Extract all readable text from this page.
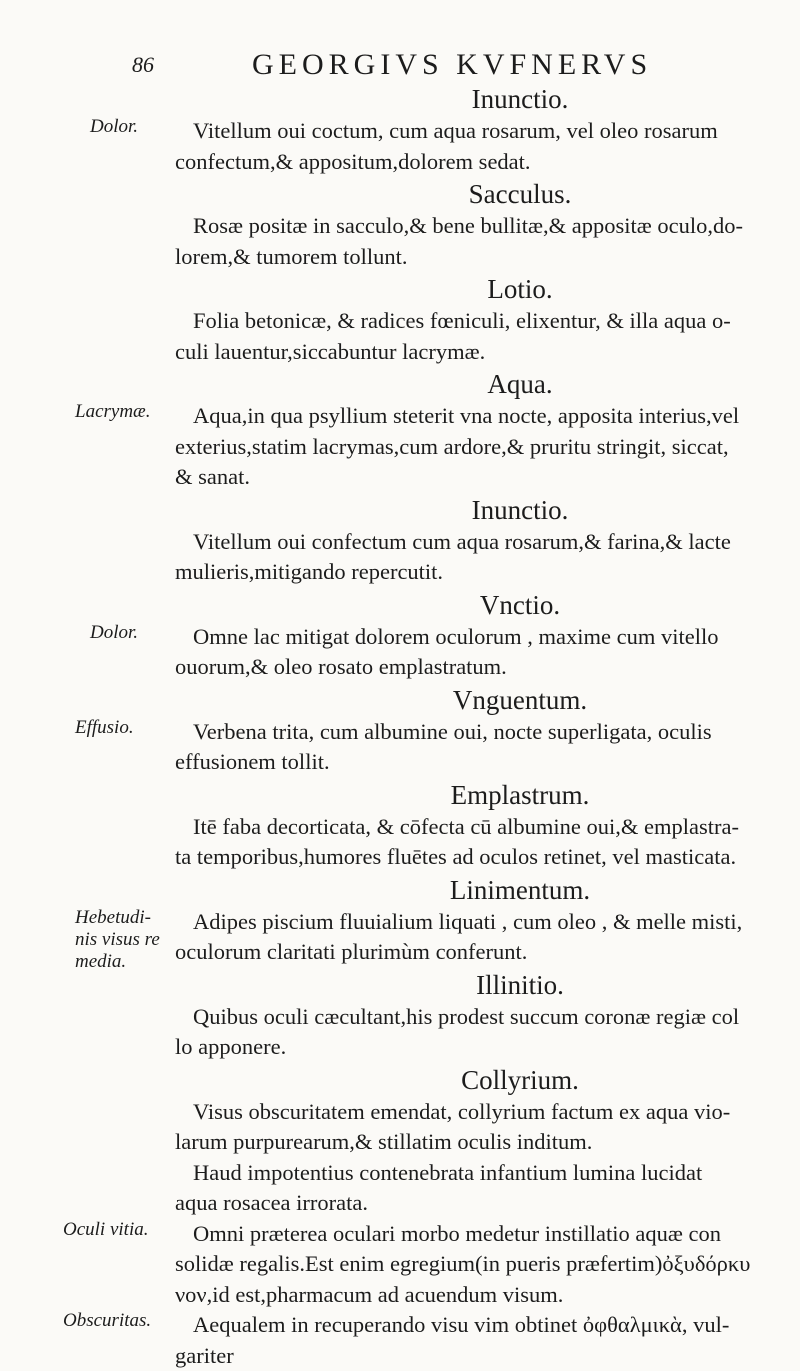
86	GEORGIVS KVFNERVS
Inunctio.
Dolor.	Vitellum oui coctum, cum aqua rosarum, vel oleo rosarum
confectum,& appositum,dolorem sedat.
Sacculus.
Rosæ positæ in sacculo,& bene bullitæ,& appositæ oculo,do-
lorem,& tumorem tollunt.
Lotio.
Folia betonicæ, & radices fœniculi, elixentur, & illa aqua o-
culi lauentur,siccabuntur lacrymæ.
Aqua.
Lacrymæ.	Aqua,in qua psyllium steterit vna nocte, apposita interius,vel
exterius,statim lacrymas,cum ardore,& pruritu stringit, siccat,
& sanat.
Inunctio.
Vitellum oui confectum cum aqua rosarum,& farina,& lacte
mulieris,mitigando repercutit.
Vnctio.
Dolor.	Omne lac mitigat dolorem oculorum , maxime cum vitello
ouorum,& oleo rosato emplastratum.
Vnguentum.
Effusio.	Verbena trita, cum albumine oui, nocte superligata, oculis
effusionem tollit.
Emplastrum.
Itē faba decorticata, & cōfecta cū albumine oui,& emplastra-
ta temporibus,humores fluētes ad oculos retinet, vel masticata.
Linimentum.
Hebetudi-
nis visus re
media.
Adipes piscium fluuialium liquati , cum oleo , & melle misti,
oculorum claritati plurimùm conferunt.
Illinitio.
Quibus oculi cæcultant,his prodest succum coronæ regiæ col
lo apponere.
Collyrium.
Visus obscuritatem emendat, collyrium factum ex aqua vio-
larum purpurearum,& stillatim oculis inditum.
Haud impotentius contenebrata infantium lumina lucidat
aqua rosacea irrorata.
Oculi vitia.	Omni præterea oculari morbo medetur instillatio aquæ con
solidæ regalis.Est enim egregium(in pueris præfertim)ὀξυδόρκυ
νον,id est,pharmacum ad acuendum visum.
Obscuritas.	Aequalem in recuperando visu vim obtinet ὀφθαλμικὰ, vul-
gariter
